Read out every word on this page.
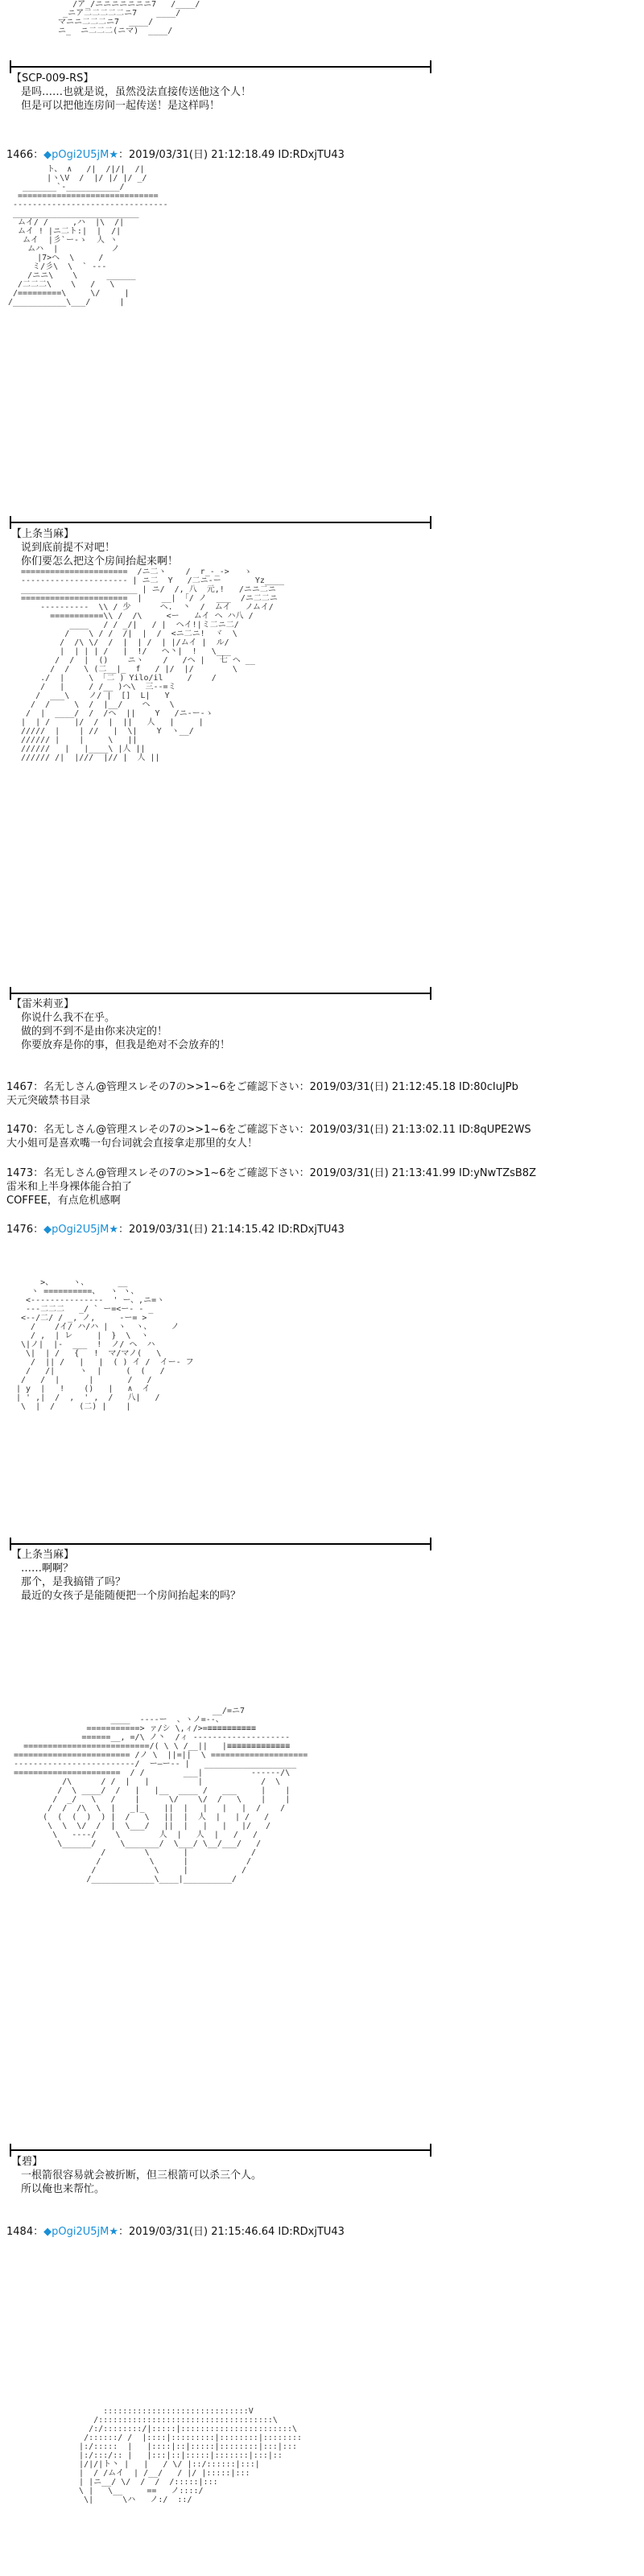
/ア_/ニニニニニニニ7   /____/
_ニア二二二二二ニ7    ____/
マニニ二二二ニ7  ____/
ニ_  ニ二二二(ニマ)  ____/

ト、 ∧   /|  /|/|  /|
|ヽ\V  /  |/ |/ |/ _/
_______`-___________/
=============================
--------------------------------
__________________________
ムイ/ /     ,ハ  |\  /|
ムイ ! |ニ二ト:|  |  /|
ムイ  |彡`ー-ゝ  人 ヽ
ムハ  |           ノ
|7>ヘ  \     /
ミ/彡\  \  ` ---
/ニニ\    \      ______
/二二二\    \   /   \
/=========\     \/     |
/___________\___/      |

======================  /ニ二ヽ    /  r_-_->   ゝ
---------------------- | ニ二  Y   /二ニ-ー       Yz____
________________________ | ニ/  /, 八  元,!   /ニニ二ニ
======================  |    __| 「/ ノ  ___  /ニ二二ニ
----------  \\ / 少      ヘ.  丶  /  ムイ   ノムイ/
===========\\ /  /\     <ー   ムイ ヘ ハ八 /
____   / / _/|   / |  ヘイ!|ミ二ニ二/
/    \ / /  /|  |  /  <ニ二ニ!  ヾ  \
/  /\ \/  /  |  | /  | |/ムイ |  ル/
|  | | | /   |  !/   ヘ丶|  !   \___
/  /  |  ()    ニヽ    /   /ヘ |   七 ヘ __
/  /   \ (二__|_  f   / |/  |/        \
./  |     \ 「二 ) Yilo/il     /    /
/   |     / /__ )ヘ\  三--=ミ
/  ___\    ノ/ |  []  L|   Y
/  /     \  /  |__/    ヘ    \
/  |  ____/  /  /ヘ  ||    Y   /ニ-ー-ゝ
|  | /     |/  /  |  ||   人   |     |
/////  |    | //   |  \|    Y  ヽ__/
////// |    |     \   ||
//////   |   |____\ |人 ||
////// /|  |///  |// |  人 ||

>、    ヽ、      __
ヽ ==========、  ヽ ヽ、
<---------------  ' ー、,ニ=ヽ
---二二二   _/ ` ー=<ー‐ - _
<--/二/ / _, ノ,     -ー= >
/    /イ/ ハ/ハ |  ヽ  ヽ、    ノ
/ ,  | レ     |  }  \  ヽ
\|ノ|  |-  ___  !  ノ/ ヘ  ハ
\|  | /   {   !  マ/マノ(   \
/  || /   |   |  ( ) イ /  イー- フ
/   /|     ヽ  |     (  (   /
/   /  |      |       /   /
| y  |   !    ()   |   ∧  イ
| ' ,|  /  ,  ' ,  /   八|   /
\  |  /     (二) |    |

__/=ニ7
____  ----ー  、ヽノ=--、
===========> ァ/シ \,ィ/>=≡≡≡≡≡≡≡≡≡≡
======__, =/\ ノ丶  /ィ --------------------
==========================/( \ \ /__||   |≡≡≡≡≡≡≡≡≡≡≡≡≡
======================== /ノ \  ||=||  \ ====================
-------------------------/  ー―ー-- |   ___________________
======================  / /        ___|          ------/\
/\      / /  |   |          |            /  \
/  \ ____/  /   |   |__  ____ /   ___     |    |
/  _/   \   /    |      \/    \/  /   \    |    |
/  /  /\  \  |   _|_    ||  |   |   |   |  /    /
(  (  (  )  ) |  /   \   ||  |  人  |   | /   /
\  \  \/  /  |  \___/   ||  |   |   |   |/   /
\   ----/    \        人  |   人  |   /   /
\______/     \_______/  \___/ \__/___/   /
/        \       |             /
/          \      |            /
/            \     |           /
/_____________\____|__________/

::::::::::::::::::::::::::::::V
/::::::::::::::::::::::::::::::::::::\
/:/::::::::/|:::::|:::::::::::::::::::::::\
/::::::/ /  |::::|:::::::::|::::::::|::::::::
|:/:::::  |   |::::|::|:::::|::::::::|:::|:::
|:/:::/:: |   |:::|::|:::::|:::::::|:::|::
|/|/|ト丶 |   |   / \/ |::/::::::|:::|
|  / /ムイ  | /__/   / |/ |:::::|:::
| |ニ__/ \/  /  /  /:::::|:::
\ |   \__     ==   ノ::::/
\|      \ハ   ノ:/  ::/

【SCP-009-RS】
是吗……也就是说，虽然没法直接传送他这个人！
但是可以把他连房间一起传送！是这样吗！
1466：◆pOgi2U5jM★：2019/03/31(日) 21:12:18.49 ID:RDxjTU43
【上条当麻】
说到底前提不对吧！
你们要怎么把这个房间抬起来啊！
【雷米莉亚】
你说什么我不在乎。
做的到不到不是由你来决定的！
你要放弃是你的事，但我是绝对不会放弃的！
1467：名无しさん@管理スレその7の>>1~6をご確認下さい：2019/03/31(日) 21:12:45.18 ID:80cIuJPb
天元突破禁书目录
1470：名无しさん@管理スレその7の>>1~6をご確認下さい：2019/03/31(日) 21:13:02.11 ID:8qUPE2WS
大小姐可是喜欢嘴一句台词就会直接拿走那里的女人！
1473：名无しさん@管理スレその7の>>1~6をご確認下さい：2019/03/31(日) 21:13:41.99 ID:yNwTZsB8Z
雷米和上半身裸体能合拍了
COFFEE，有点危机感啊
1476：◆pOgi2U5jM★：2019/03/31(日) 21:14:15.42 ID:RDxjTU43
【上条当麻】
……啊啊？
那个，是我搞错了吗？
最近的女孩子是能随便把一个房间抬起来的吗？
【碧】
一根箭很容易就会被折断，但三根箭可以杀三个人。
所以俺也来帮忙。
1484：◆pOgi2U5jM★：2019/03/31(日) 21:15:46.64 ID:RDxjTU43
